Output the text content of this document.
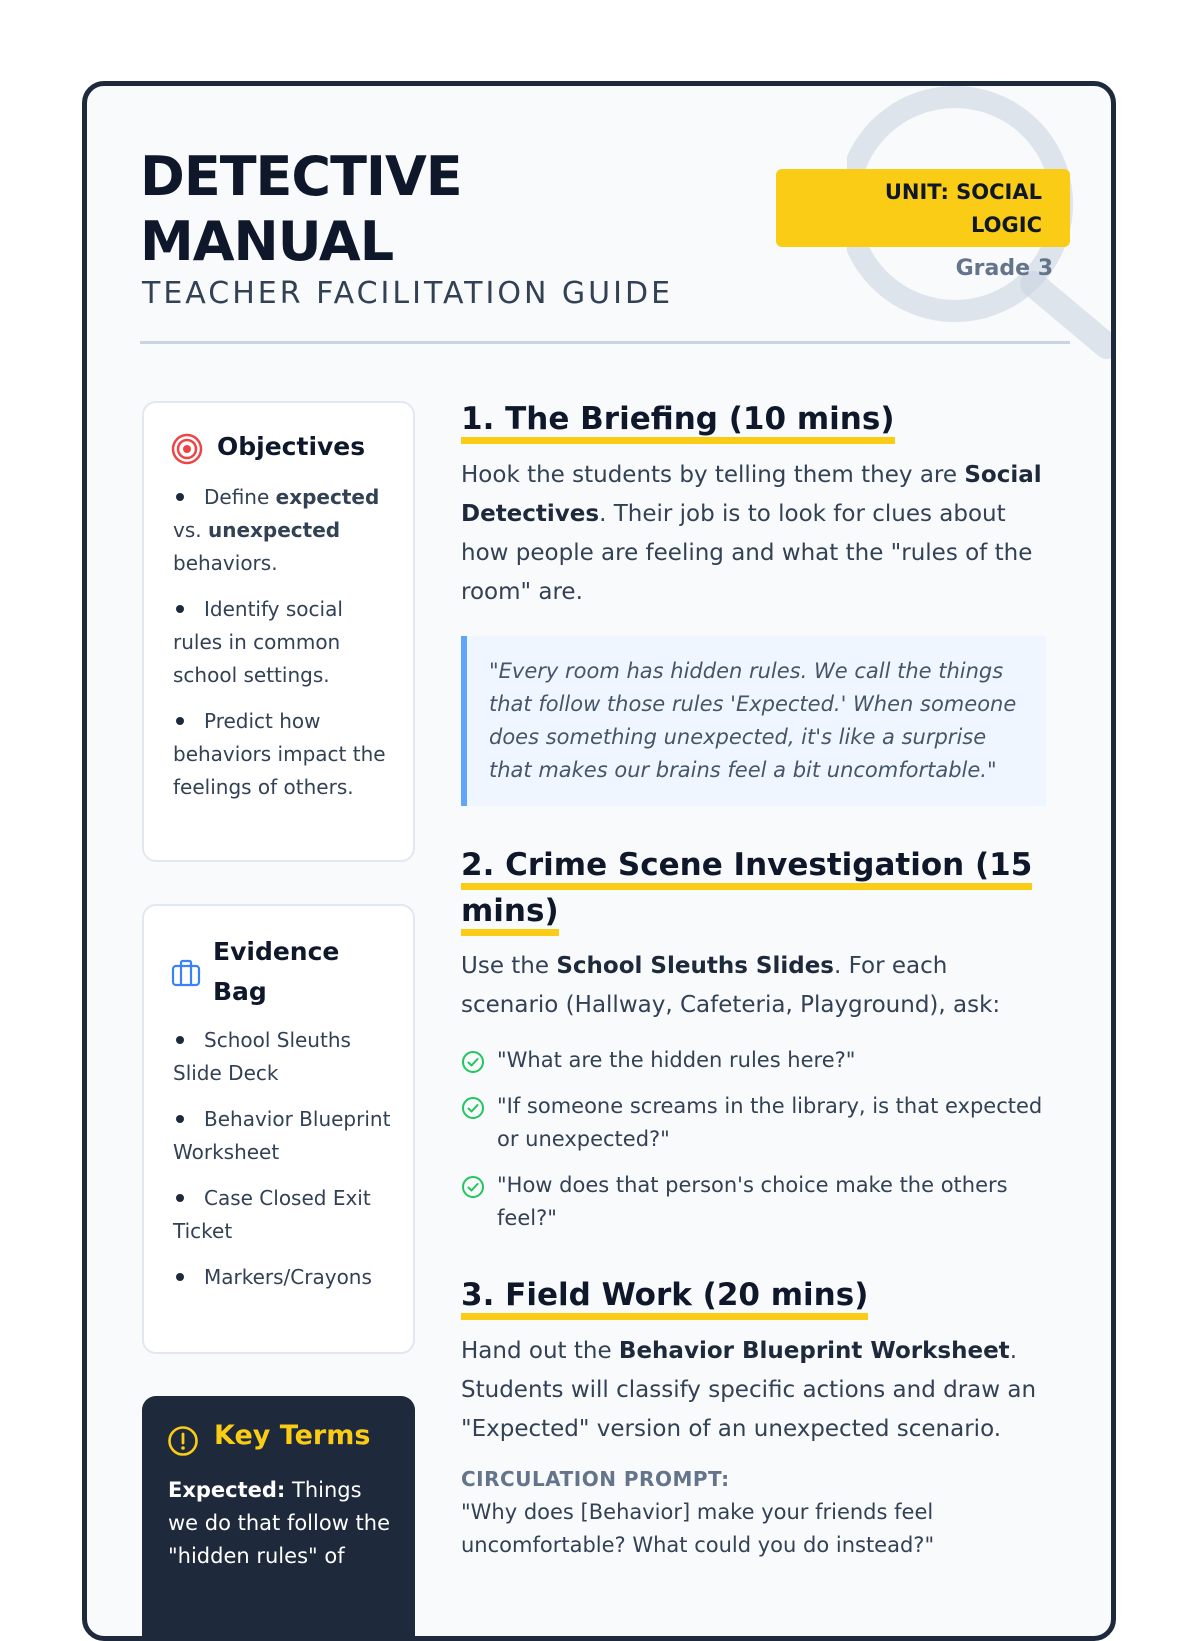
DETECTIVE
MANUAL
TEACHER FACILITATION GUIDE
UNIT: SOCIAL
LOGIC
Grade 3
Objectives
Define expected vs. unexpected behaviors.
Identify social rules in common school settings.
Predict how behaviors impact the feelings of others.
Evidence
Bag
School Sleuths Slide Deck
Behavior Blueprint Worksheet
Case Closed Exit Ticket
Markers/Crayons
Key Terms
Expected: Things we do that follow the "hidden rules" of
1. The Briefing (10 mins)

Hook the students by telling them they are Social Detectives. Their job is to look for clues about how people are feeling and what the "rules of the room" are.

"Every room has hidden rules. We call the things that follow those rules 'Expected.' When someone does something unexpected, it's like a surprise that makes our brains feel a bit uncomfortable."
2. Crime Scene Investigation (15
mins)

Use the School Sleuths Slides. For each scenario (Hallway, Cafeteria, Playground), ask:

"What are the hidden rules here?"
"If someone screams in the library, is that expected or unexpected?"
"How does that person's choice make the others feel?"
3. Field Work (20 mins)

Hand out the Behavior Blueprint Worksheet. Students will classify specific actions and draw an "Expected" version of an unexpected scenario.

CIRCULATION PROMPT:
"Why does [Behavior] make your friends feel uncomfortable? What could you do instead?"
